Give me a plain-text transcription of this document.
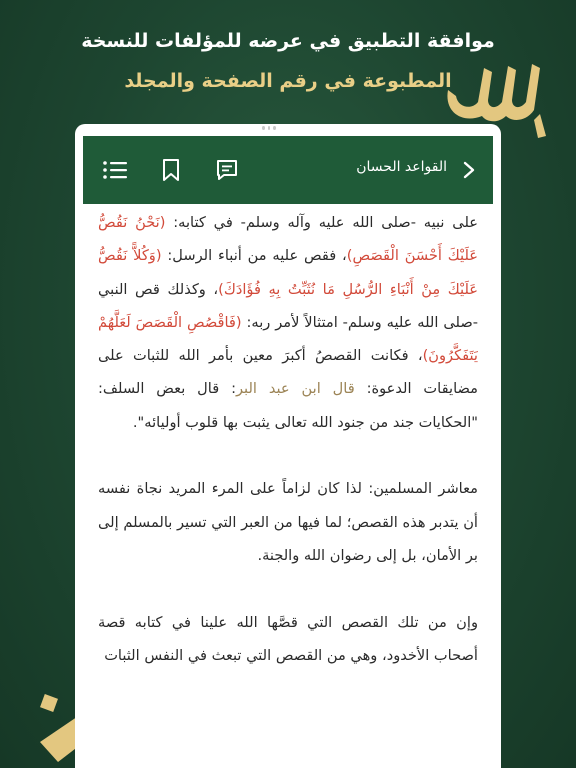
موافقة التطبيق في عرضه للمؤلفات للنسخة
المطبوعة في رقم الصفحة والمجلد
القواعد الحسان

على نبيه -صلى الله عليه وآله وسلم- في كتابه: (نَحْنُ نَقُصُّ عَلَيْكَ أَحْسَنَ الْقَصَصِ)، فقص عليه من أنباء الرسل: (وَكُلاًّ نَقُصُّ عَلَيْكَ مِنْ أَنْبَاءِ الرُّسُلِ مَا نُثَبِّتُ بِهِ فُؤَادَكَ)، وكذلك قص النبي -صلى الله عليه وسلم- امتثالاً لأمر ربه: (فَاقْصُصِ الْقَصَصَ لَعَلَّهُمْ يَتَفَكَّرُونَ)، فكانت القصصُ أكبرَ معين بأمر الله للثبات على مضايقات الدعوة: قال ابن عبد البر: قال بعض السلف: "الحكايات جند من جنود الله تعالى يثبت بها قلوب أوليائه".

معاشر المسلمين: لذا كان لزاماً على المرء المريد نجاة نفسه أن يتدبر هذه القصص؛ لما فيها من العبر التي تسير بالمسلم إلى بر الأمان، بل إلى رضوان الله والجنة.

وإن من تلك القصص التي قصَّها الله علينا في كتابه قصة أصحاب الأخدود، وهي من القصص التي تبعث في النفس الثبات
